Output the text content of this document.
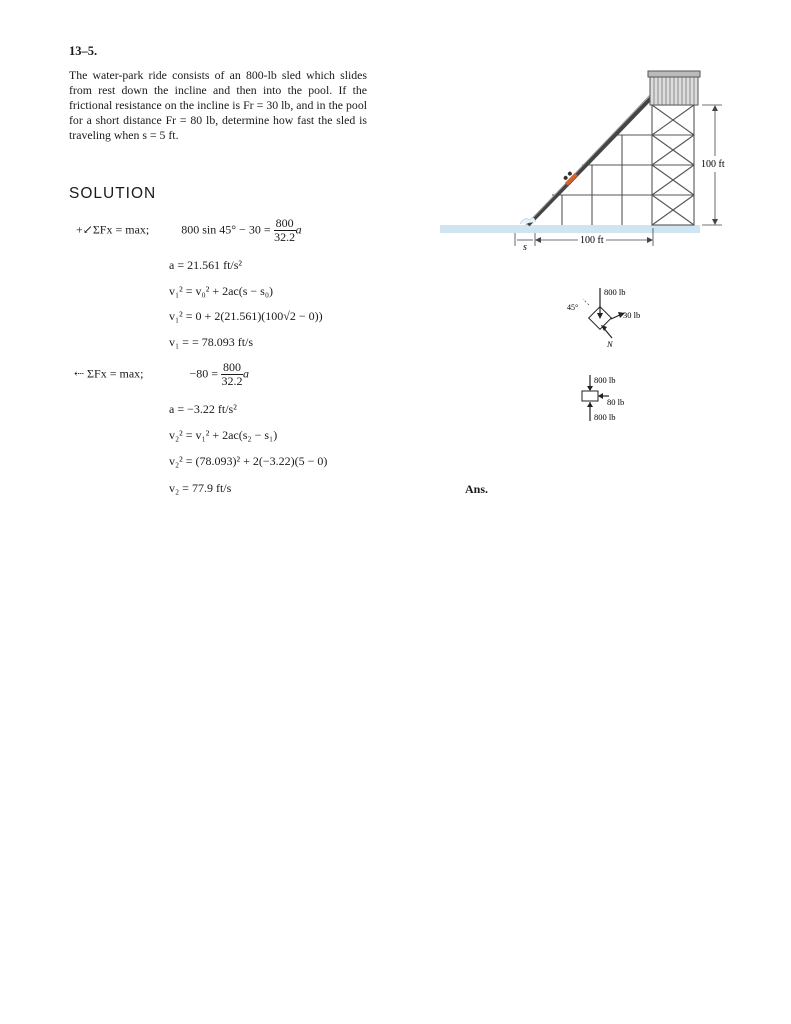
13–5.
The water-park ride consists of an 800-lb sled which slides from rest down the incline and then into the pool. If the frictional resistance on the incline is Fr = 30 lb, and in the pool for a short distance Fr = 80 lb, determine how fast the sled is traveling when s = 5 ft.
SOLUTION
+↙ΣFx = max;	800 $\sin 45^\circ - 30 = \frac{800}{32.2}$ a
a = 21.561 ft/s²
v₁² = v₀² + 2ac(s − s₀)
v₁² = 0 + 2(21.561)(100√2 − 0))
v₁ = = 78.093 ft/s
⇠ ΣFx = max;	$-80 = \frac{800}{32.2}$ a
a = −3.22 ft/s²
v₂² = v₁² + 2ac(s₂ − s₁)
v₂² = (78.093)² + 2(−3.22)(5 − 0)
v₂ = 77.9 ft/s	Ans.
100 ft
100 ft
s
800 lb
45°
30 lb
N
800 lb
80 lb
800 lb
